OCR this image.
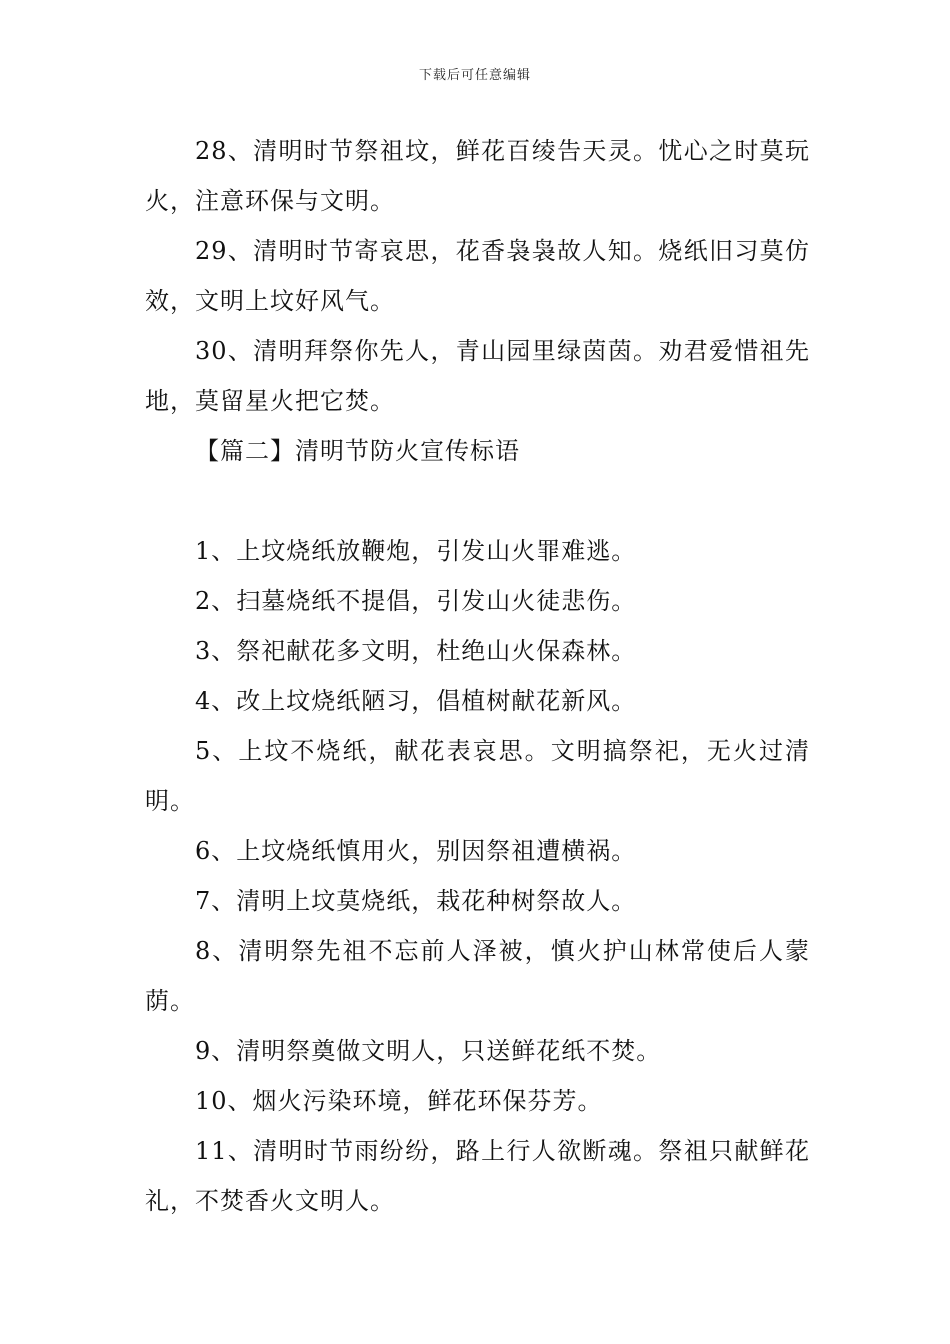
下载后可任意编辑

28、清明时节祭祖坟，鲜花百绫告天灵。忧心之时莫玩火，注意环保与文明。

29、清明时节寄哀思，花香袅袅故人知。烧纸旧习莫仿效，文明上坟好风气。

30、清明拜祭你先人，青山园里绿茵茵。劝君爱惜祖先地，莫留星火把它焚。

【篇二】清明节防火宣传标语

1、上坟烧纸放鞭炮，引发山火罪难逃。

2、扫墓烧纸不提倡，引发山火徒悲伤。

3、祭祀献花多文明，杜绝山火保森林。

4、改上坟烧纸陋习，倡植树献花新风。

5、上坟不烧纸，献花表哀思。文明搞祭祀，无火过清明。

6、上坟烧纸慎用火，别因祭祖遭横祸。

7、清明上坟莫烧纸，栽花种树祭故人。

8、清明祭先祖不忘前人泽被，慎火护山林常使后人蒙荫。

9、清明祭奠做文明人，只送鲜花纸不焚。

10、烟火污染环境，鲜花环保芬芳。

11、清明时节雨纷纷，路上行人欲断魂。祭祖只献鲜花礼，不焚香火文明人。
